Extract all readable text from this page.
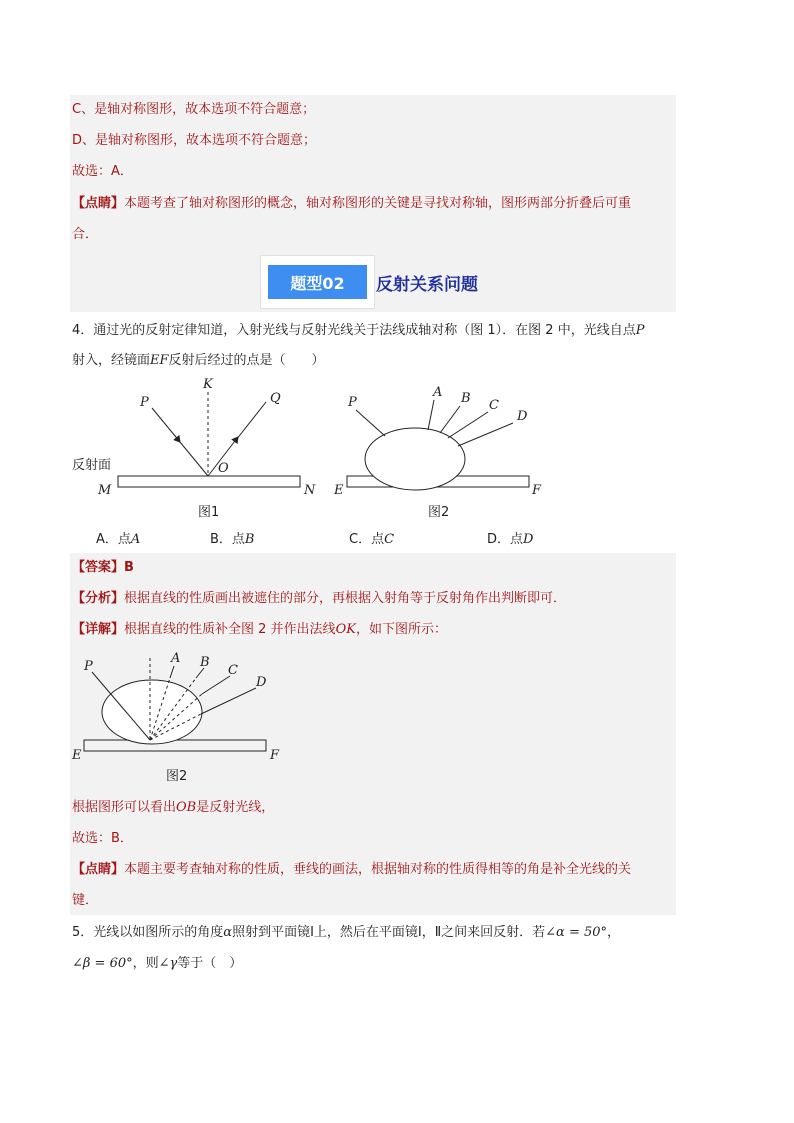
C、是轴对称图形，故本选项不符合题意；
D、是轴对称图形，故本选项不符合题意；
故选：A．
【点睛】本题考查了轴对称图形的概念，轴对称图形的关键是寻找对称轴，图形两部分折叠后可重
合．
题型02	反射关系问题
4．通过光的反射定律知道，入射光线与反射光线关于法线成轴对称（图 1）．在图 2 中，光线自点P
射入，经镜面EF反射后经过的点是（　　）
P
K
Q
O
反射面
M	N
图1
P
A B C
D
E	F
图2
A．点A	B．点B	C．点C	D．点D
【答案】B
【分析】根据直线的性质画出被遮住的部分，再根据入射角等于反射角作出判断即可．
【详解】根据直线的性质补全图 2 并作出法线OK，如下图所示：
P
A B
C
D
E	F
图2
根据图形可以看出OB是反射光线，
故选：B．
【点睛】本题主要考查轴对称的性质，垂线的画法，根据轴对称的性质得相等的角是补全光线的关
键．
5．光线以如图所示的角度α照射到平面镜Ⅰ上，然后在平面镜Ⅰ，Ⅱ之间来回反射．若∠α = 50°，
∠β = 60°，则∠γ等于（　）
